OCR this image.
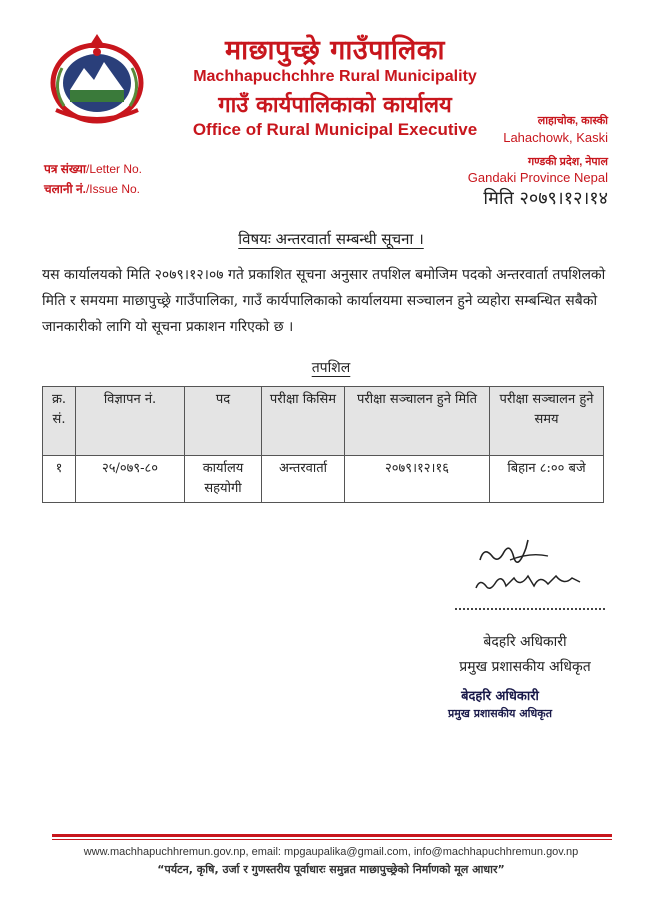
माछापुच्छ्रे गाउँपालिका
Machhapuchchhre Rural Municipality
गाउँ कार्यपालिकाको कार्यालय
Office of Rural Municipal Executive	लाहाचोक, कास्की
Lahachowk, Kaski
गण्डकी प्रदेश, नेपाल
Gandaki Province Nepal
पत्र संख्या/Letter No.
चलानी नं./Issue No.	मिति २०७९।१२।१४
विषयः अन्तरवार्ता सम्बन्धी सूचना ।
यस कार्यालयको मिति २०७९।१२।०७ गते प्रकाशित सूचना अनुसार तपशिल बमोजिम पदको अन्तरवार्ता तपशिलको मिति र समयमा माछापुच्छ्रे गाउँपालिका, गाउँ कार्यपालिकाको कार्यालयमा सञ्चालन हुने व्यहोरा सम्बन्धित सबैको जानकारीको लागि यो सूचना प्रकाशन गरिएको छ ।
तपशिल
क्र. सं.	विज्ञापन नं.	पद	परीक्षा किसिम	परीक्षा सञ्चालन हुने मिति	परीक्षा सञ्चालन हुने समय
१	२५/०७९-८०	कार्यालय सहयोगी	अन्तरवार्ता	२०७९।१२।१६	बिहान ८:०० बजे
बेदहरि अधिकारी
प्रमुख प्रशासकीय अधिकृत
बेदहरि अधिकारी
प्रमुख प्रशासकीय अधिकृत
www.machhapuchhremun.gov.np, email: mpgaupalika@gmail.com, info@machhapuchhremun.gov.np
“पर्यटन, कृषि, उर्जा र गुणस्तरीय पूर्वाधारः समुन्नत माछापुच्छ्रेको निर्माणको मूल आधार”
